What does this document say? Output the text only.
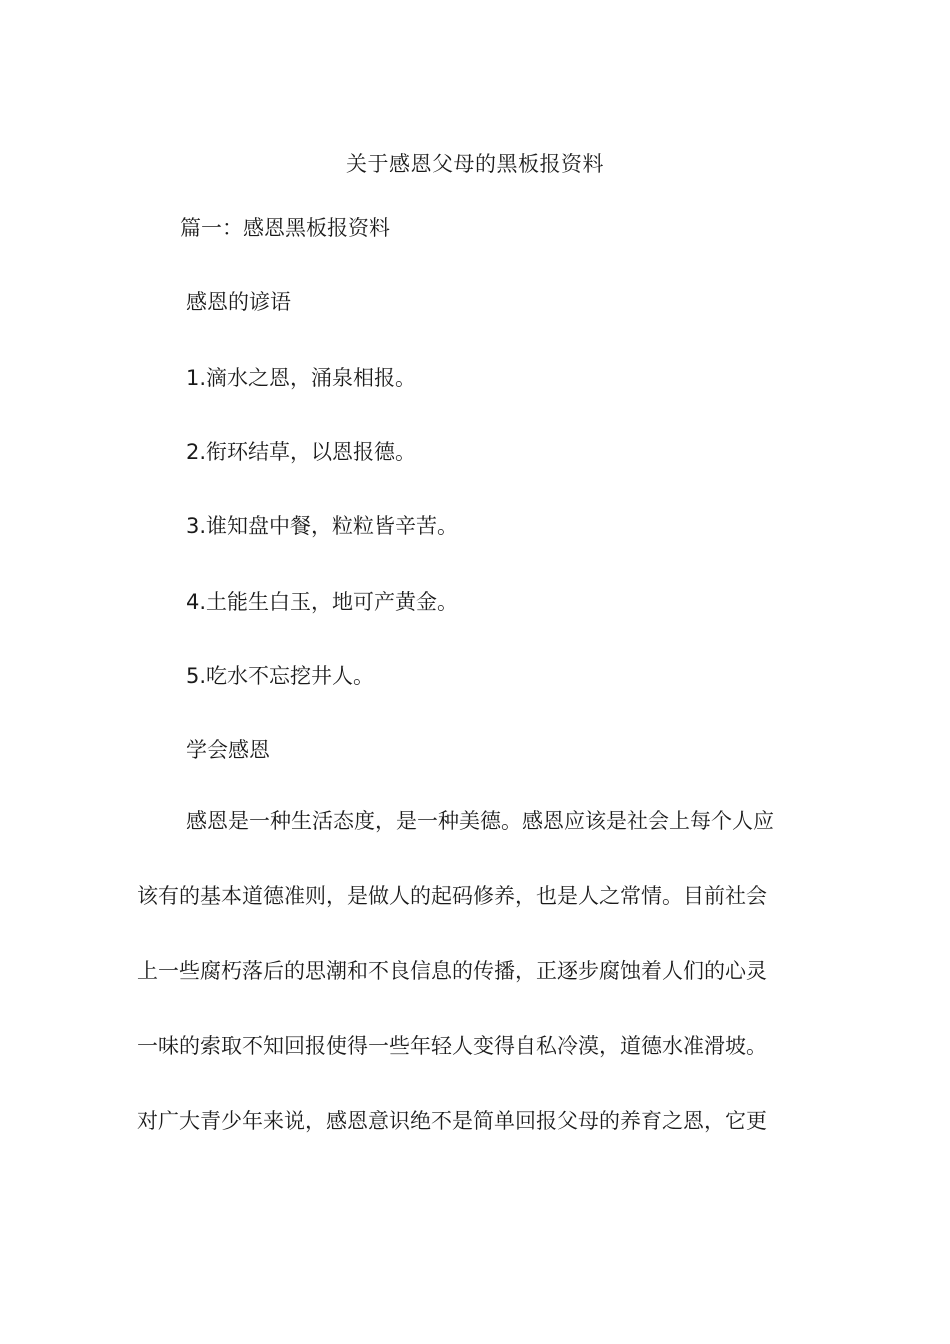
关于感恩父母的黑板报资料
篇一：感恩黑板报资料
感恩的谚语
1.滴水之恩，涌泉相报。
2.衔环结草，以恩报德。
3.谁知盘中餐，粒粒皆辛苦。
4.土能生白玉，地可产黄金。
5.吃水不忘挖井人。
学会感恩
感恩是一种生活态度，是一种美德。感恩应该是社会上每个人应
该有的基本道德准则，是做人的起码修养，也是人之常情。目前社会
上一些腐朽落后的思潮和不良信息的传播，正逐步腐蚀着人们的心灵
一味的索取不知回报使得一些年轻人变得自私冷漠，道德水准滑坡。
对广大青少年来说，感恩意识绝不是简单回报父母的养育之恩，它更
